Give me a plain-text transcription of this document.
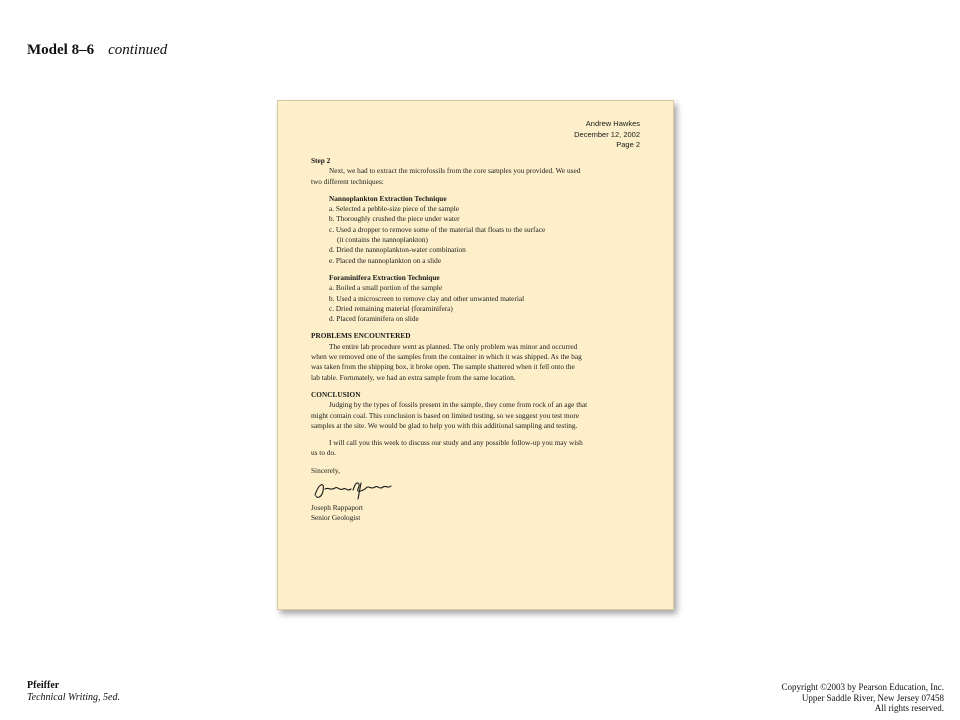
Model 8–6 continued
Andrew Hawkes
December 12, 2002
Page 2
Step 2

Next, we had to extract the microfossils from the core samples you provided. We used

two different techniques:

Nannoplankton Extraction Technique
a. Selected a pebble-size piece of the sample
b. Thoroughly crushed the piece under water
c. Used a dropper to remove some of the material that floats to the surface
(it contains the nannoplankton)
d. Dried the nannoplankton-water combination
e. Placed the nannoplankton on a slide
Foraminifera Extraction Technique
a. Boiled a small portion of the sample
b. Used a microscreen to remove clay and other unwanted material
c. Dried remaining material (foraminifera)
d. Placed foraminifera on slide
PROBLEMS ENCOUNTERED

The entire lab procedure went as planned. The only problem was minor and occurred

when we removed one of the samples from the container in which it was shipped. As the bag

was taken from the shipping box, it broke open. The sample shattered when it fell onto the

lab table. Fortunately, we had an extra sample from the same location.

CONCLUSION

Judging by the types of fossils present in the sample, they come from rock of an age that

might contain coal. This conclusion is based on limited testing, so we suggest you test more

samples at the site. We would be glad to help you with this additional sampling and testing.

I will call you this week to discuss our study and any possible follow-up you may wish

us to do.

Sincerely,
Joseph Rappaport
Senior Geologist
Pfeiffer
Technical Writing, 5ed.
Copyright ©2003 by Pearson Education, Inc.
Upper Saddle River, New Jersey 07458
All rights reserved.
